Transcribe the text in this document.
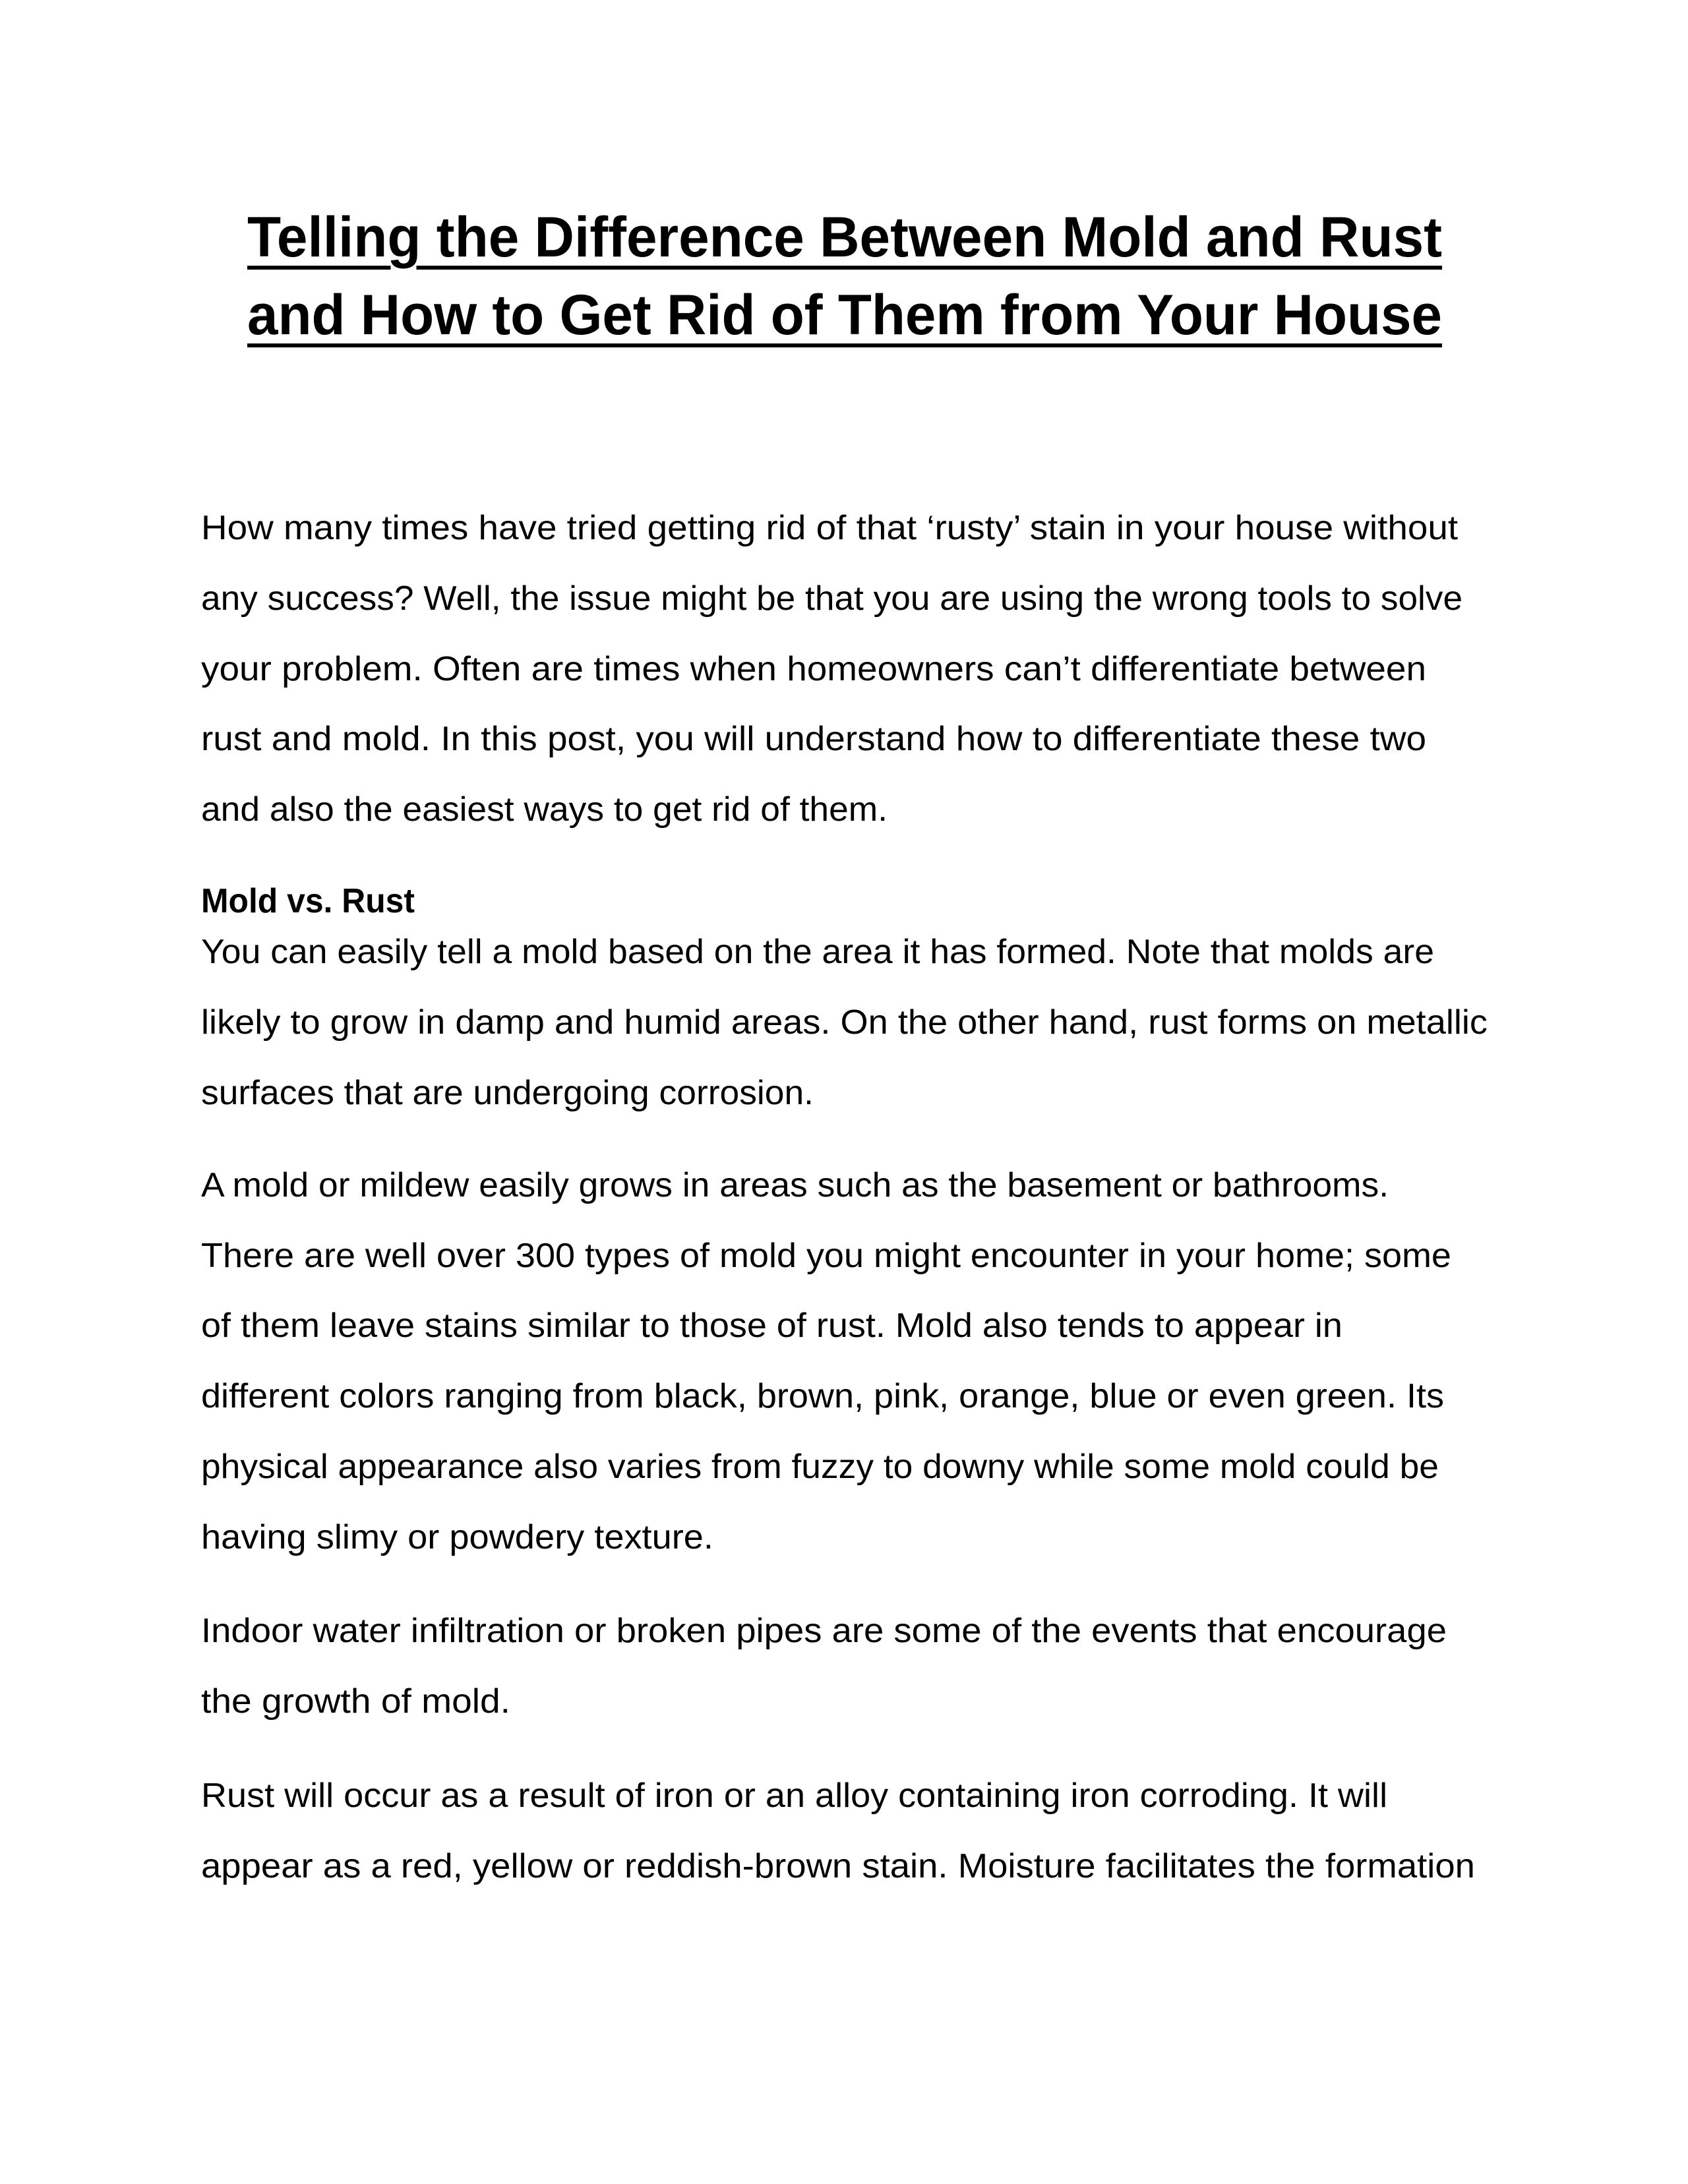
Telling the Difference Between Mold and Rust
and How to Get Rid of Them from Your House
How many times have tried getting rid of that ‘rusty’ stain in your house without
any success? Well, the issue might be that you are using the wrong tools to solve
your problem. Often are times when homeowners can’t differentiate between
rust and mold. In this post, you will understand how to differentiate these two
and also the easiest ways to get rid of them.
Mold vs. Rust
You can easily tell a mold based on the area it has formed. Note that molds are
likely to grow in damp and humid areas. On the other hand, rust forms on metallic
surfaces that are undergoing corrosion.
A mold or mildew easily grows in areas such as the basement or bathrooms.
There are well over 300 types of mold you might encounter in your home; some
of them leave stains similar to those of rust. Mold also tends to appear in
different colors ranging from black, brown, pink, orange, blue or even green. Its
physical appearance also varies from fuzzy to downy while some mold could be
having slimy or powdery texture.
Indoor water infiltration or broken pipes are some of the events that encourage
the growth of mold.
Rust will occur as a result of iron or an alloy containing iron corroding. It will
appear as a red, yellow or reddish-brown stain. Moisture facilitates the formation
